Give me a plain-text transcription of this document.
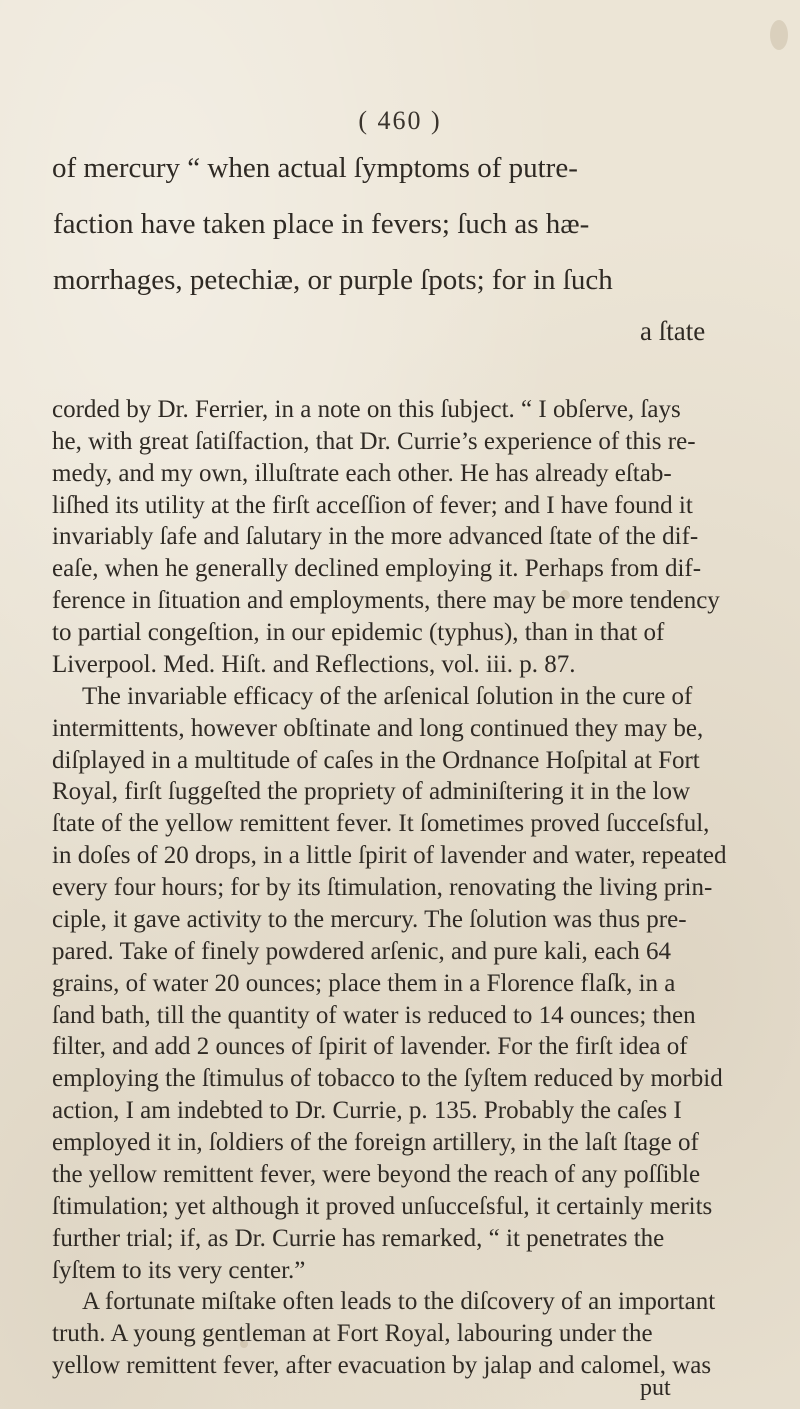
( 460 )
of mercury “ when actual ſymptoms of putre-
faction have taken place in fevers; ſuch as hæ-
morrhages, petechiæ, or purple ſpots; for in ſuch
a ſtate
corded by Dr. Ferrier, in a note on this ſubject. “ I obſerve, ſays
he, with great ſatiſfaction, that Dr. Currie’s experience of this re-
medy, and my own, illuſtrate each other. He has already eſtab-
liſhed its utility at the firſt acceſſion of fever; and I have found it
invariably ſafe and ſalutary in the more advanced ſtate of the dif-
eaſe, when he generally declined employing it. Perhaps from dif-
ference in ſituation and employments, there may be more tendency
to partial congeſtion, in our epidemic (typhus), than in that of
Liverpool. Med. Hiſt. and Reflections, vol. iii. p. 87.
The invariable efficacy of the arſenical ſolution in the cure of
intermittents, however obſtinate and long continued they may be,
diſplayed in a multitude of caſes in the Ordnance Hoſpital at Fort
Royal, firſt ſuggeſted the propriety of adminiſtering it in the low
ſtate of the yellow remittent fever. It ſometimes proved ſucceſsful,
in doſes of 20 drops, in a little ſpirit of lavender and water, repeated
every four hours; for by its ſtimulation, renovating the living prin-
ciple, it gave activity to the mercury. The ſolution was thus pre-
pared. Take of finely powdered arſenic, and pure kali, each 64
grains, of water 20 ounces; place them in a Florence flaſk, in a
ſand bath, till the quantity of water is reduced to 14 ounces; then
filter, and add 2 ounces of ſpirit of lavender. For the firſt idea of
employing the ſtimulus of tobacco to the ſyſtem reduced by morbid
action, I am indebted to Dr. Currie, p. 135. Probably the caſes I
employed it in, ſoldiers of the foreign artillery, in the laſt ſtage of
the yellow remittent fever, were beyond the reach of any poſſible
ſtimulation; yet although it proved unſucceſsful, it certainly merits
further trial; if, as Dr. Currie has remarked, “ it penetrates the
ſyſtem to its very center.”
A fortunate miſtake often leads to the diſcovery of an important
truth. A young gentleman at Fort Royal, labouring under the
yellow remittent fever, after evacuation by jalap and calomel, was
put
